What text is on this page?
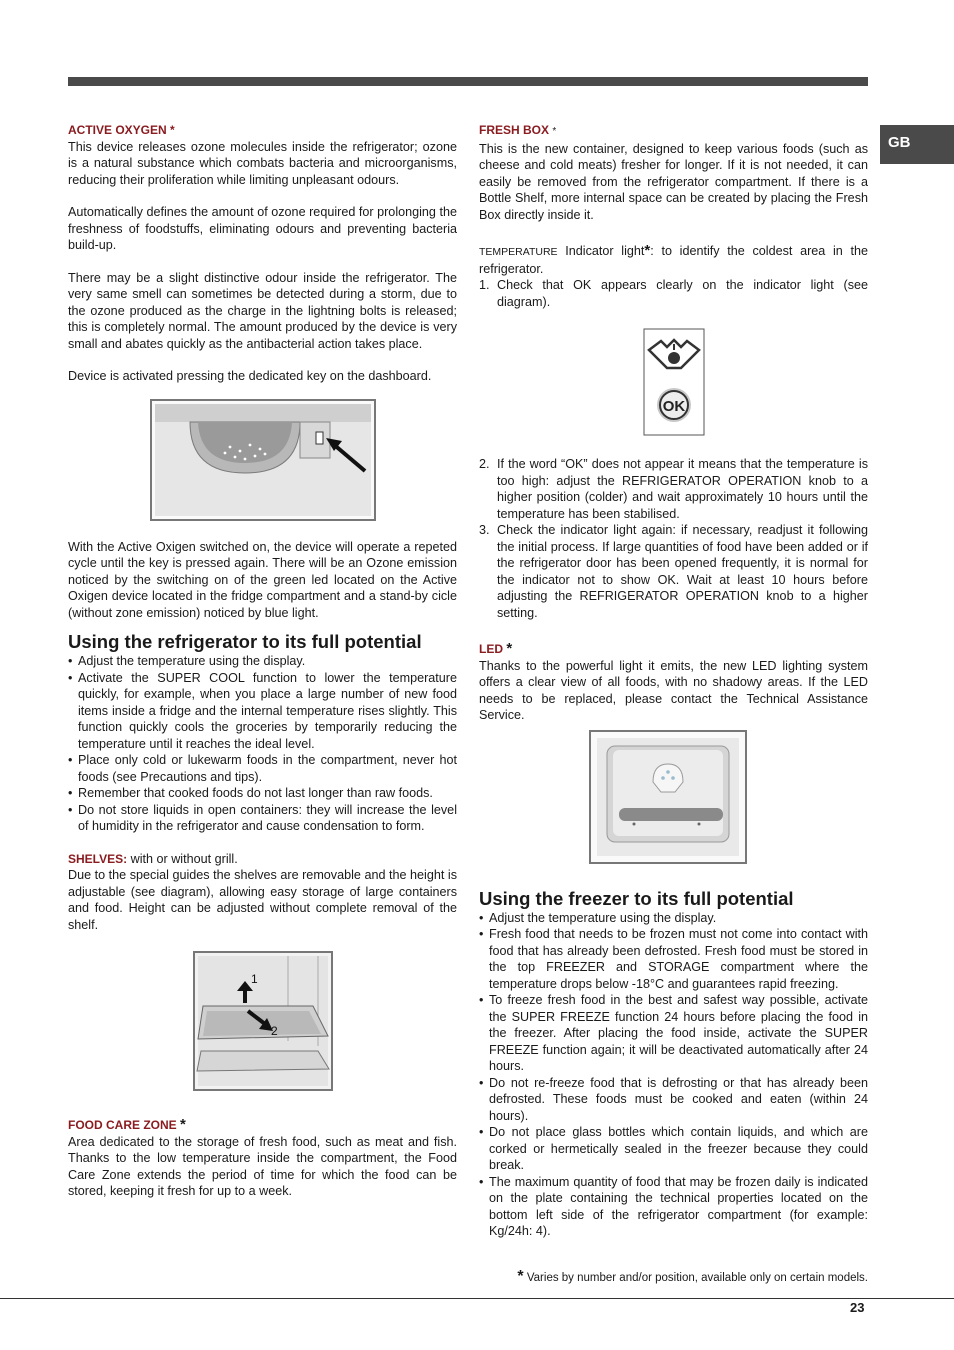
GB
ACTIVE OXYGEN *

This device releases ozone molecules inside the refrigerator; ozone is a natural substance which combats bacteria and microorganisms, reducing their proliferation while limiting unpleasant odours.

Automatically defines the amount of ozone required for prolonging the freshness of foodstuffs, eliminating odours and preventing bacteria build-up.

There may be a slight distinctive odour inside the refrigerator. The very same smell can sometimes be detected during a storm, due to the ozone produced as the charge in the lightning bolts is released; this is completely normal. The amount produced by the device is very small and abates quickly as the antibacterial action takes place.

Device is activated pressing the dedicated key on the dashboard.

With the Active Oxigen switched on, the device will operate a repeted cycle until the key is pressed again. There will be an Ozone emission noticed by the switching on of the green led located on the Active Oxigen device located in the fridge compartment and a stand-by cicle (without zone emission) noticed by blue light.

Using the refrigerator to its full potential
• Adjust the temperature using the display.
• Activate the SUPER COOL function to lower the temperature quickly, for example, when you place a large number of new food items inside a fridge and the internal temperature rises slightly. This function quickly cools the groceries by temporarily reducing the temperature until it reaches the ideal level.
• Place only cold or lukewarm foods in the compartment, never hot foods (see Precautions and tips).
• Remember that cooked foods do not last longer than raw foods.
• Do not store liquids in open containers: they will increase the level of humidity in the refrigerator and cause condensation to form.

SHELVES: with or without grill.

Due to the special guides the shelves are removable and the height is adjustable (see diagram), allowing easy storage of large containers and food. Height can be adjusted without complete removal of the shelf.

1
2
FOOD CARE ZONE *

Area dedicated to the storage of fresh food, such as meat and fish. Thanks to the low temperature inside the compartment, the Food Care Zone extends the period of time for which the food can be stored, keeping it fresh for up to a week.

FRESH BOX *

This is the new container, designed to keep various foods (such as cheese and cold meats) fresher for longer. If it is not needed, it can easily be removed from the refrigerator compartment. If there is a Bottle Shelf, more internal space can be created by placing the Fresh Box directly inside it.

TEMPERATURE Indicator light*: to identify the coldest area in the refrigerator.

1. Check that OK appears clearly on the indicator light (see diagram).
OK
2. If the word “OK” does not appear it means that the temperature is too high: adjust the REFRIGERATOR OPERATION knob to a higher position (colder) and wait approximately 10 hours until the temperature has been stabilised.
3. Check the indicator light again: if necessary, readjust it following the initial process. If large quantities of food have been added or if the refrigerator door has been opened frequently, it is normal for the indicator not to show OK. Wait at least 10 hours before adjusting the REFRIGERATOR OPERATION knob to a higher setting.
LED *

Thanks to the powerful light it emits, the new LED lighting system offers a clear view of all foods, with no shadowy areas. If the LED needs to be replaced, please contact the Technical Assistance Service.

Using the freezer to its full potential
• Adjust the temperature using the display.
• Fresh food that needs to be frozen must not come into contact with food that has already been defrosted. Fresh food must be stored in the top FREEZER and STORAGE compartment where the temperature drops below -18°C and guarantees rapid freezing.
• To freeze fresh food in the best and safest way possible, activate the SUPER FREEZE function 24 hours before placing the food in the freezer. After placing the food inside, activate the SUPER FREEZE function again; it will be deactivated automatically after 24 hours.
• Do not re-freeze food that is defrosting or that has already been defrosted. These foods must be cooked and eaten (within 24 hours).
• Do not place glass bottles which contain liquids, and which are corked or hermetically sealed in the freezer because they could break.
• The maximum quantity of food that may be frozen daily is indicated on the plate containing the technical properties located on the bottom left side of the refrigerator compartment (for example: Kg/24h: 4).
* Varies by number and/or position, available only on certain models.
23
